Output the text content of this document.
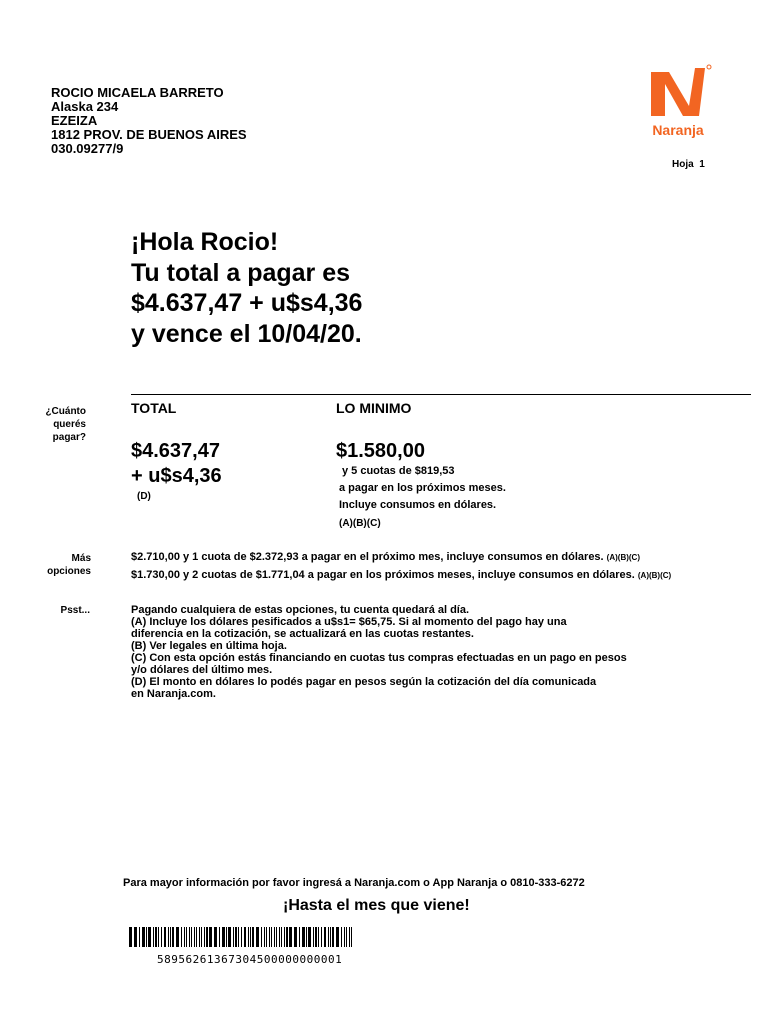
ROCIO MICAELA BARRETO
Alaska 234
EZEIZA
1812 PROV. DE BUENOS AIRES
030.09277/9
Naranja
Hoja 1
¡Hola Rocio!
Tu total a pagar es
$4.637,47 + u$s4,36
y vence el 10/04/20.
¿Cuánto querés
pagar?
TOTAL
$4.637,47
+ u$s4,36
(D)
LO MINIMO
$1.580,00
y 5 cuotas de $819,53
a pagar en los próximos meses.
Incluye consumos en dólares.
(A)(B)(C)
Más
opciones
$2.710,00 y 1 cuota de $2.372,93 a pagar en el próximo mes, incluye consumos en dólares. (A)(B)(C)
$1.730,00 y 2 cuotas de $1.771,04 a pagar en los próximos meses, incluye consumos en dólares. (A)(B)(C)
Psst...	Pagando cualquiera de estas opciones, tu cuenta quedará al día.
(A) Incluye los dólares pesificados a u$s1= $65,75. Si al momento del pago hay una
diferencia en la cotización, se actualizará en las cuotas restantes.
(B) Ver legales en última hoja.
(C) Con esta opción estás financiando en cuotas tus compras efectuadas en un pago en pesos
y/o dólares del último mes.
(D) El monto en dólares lo podés pagar en pesos según la cotización del día comunicada
en Naranja.com.
Para mayor información por favor ingresá a Naranja.com o App Naranja o 0810-333-6272
¡Hasta el mes que viene!
58956261367304500000000001
